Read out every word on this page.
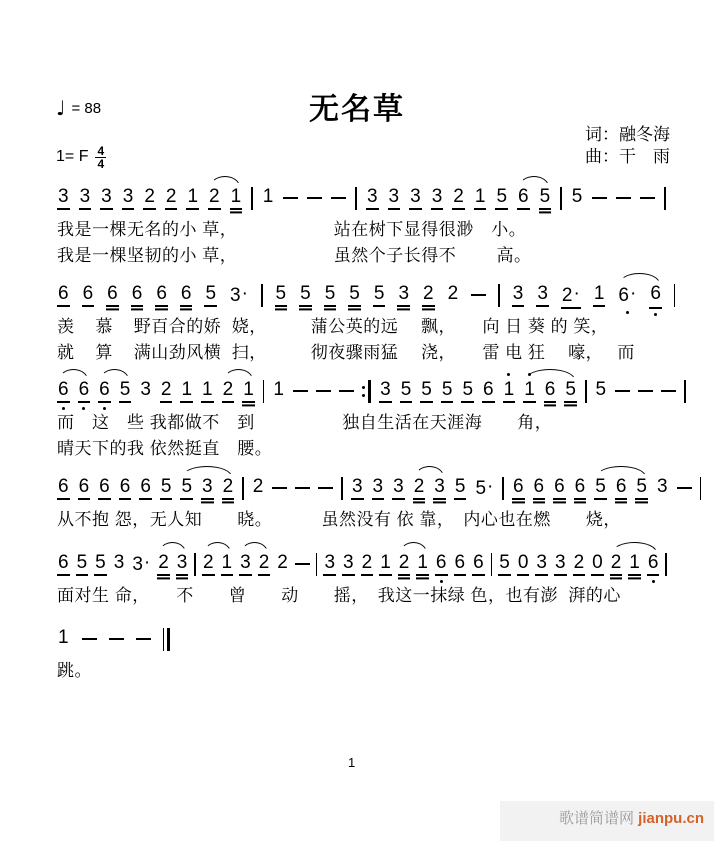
♩ = 88	无名草
词：融冬海
曲：干　雨
1= F $\frac{4}{4}$
3 3 3 3 2 2 1 2 1 1	3 3 3 3 2 1 5 6 5 5
我是一棵无名的小 草，　　　　　　站在树下显得很渺　小。
我是一棵坚韧的小 草，　　　　　　虽然个子长得不　　 高。
6 6 6 6 6 6 5 3· 5 5 5 5 5 3 2 2	3 3 2· 1 6· 6
羡    慕    野百合的娇  娆，　　　蒲公英的远　 飘，　　向 日 葵 的 笑，
就    算    满山劲风横  扫，　　　彻夜骤雨猛　 浇，　　雷 电 狂　 嚎，　 而
6 6 6 5 3 2 1 1 2 1 1	3 5 5 5 5 6 1 1 6 5 5
而　这　些 我都做不　到　　　　　独自生活在天涯海　　角，
晴天下的我 依然挺直　腰。
6 6 6 6 6 5 5 3 2 2	3 3 3 2 3 5 5· 6 6 6 6 5 6 5 3
从不抱 怨，无人知　　晓。　　　 虽然没有 依 靠，　内心也在燃　　烧，
6 5 5 3 3· 2 3 2 1 3 2 2 3 3 2 1 2 1 6 6 6 5 0 3 3 2 0 2 1 6
面对生 命，　　不　　曾　　动　　摇，　我这一抹绿 色，也有澎  湃的心
1
跳。
1
歌谱简谱网 jianpu.cn
